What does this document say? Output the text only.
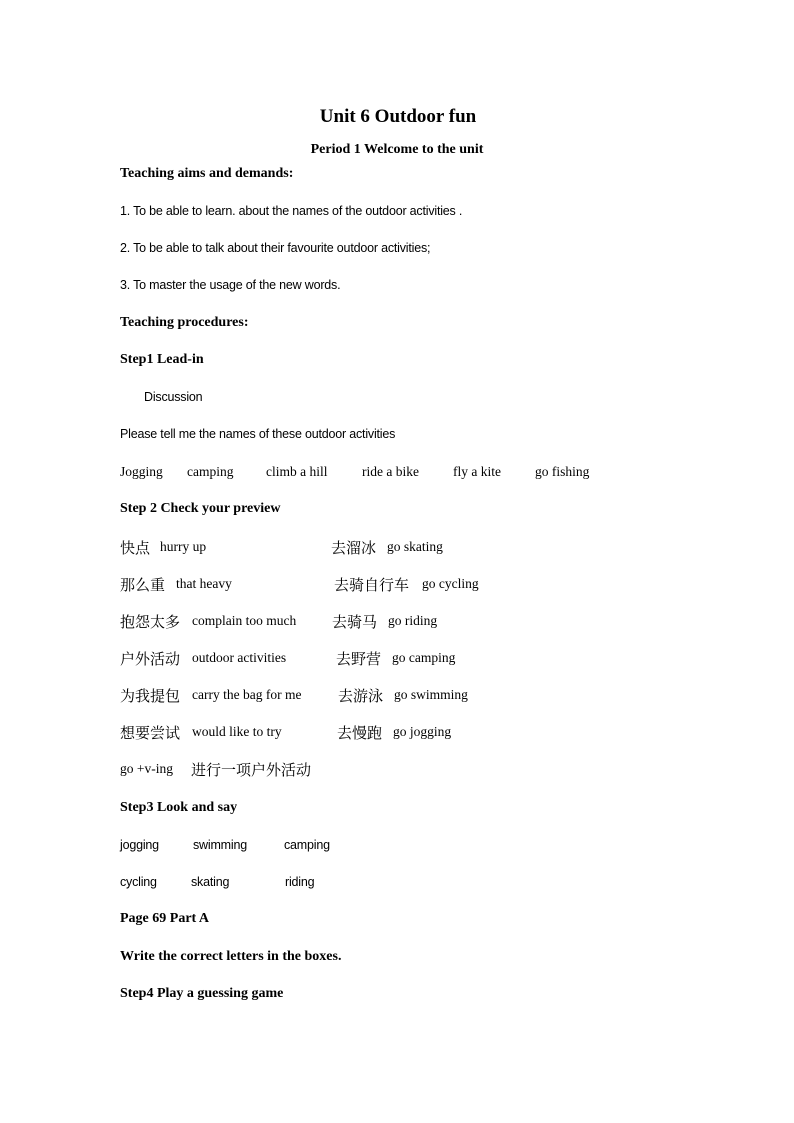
Unit 6 Outdoor fun
Period 1 Welcome to the unit
Teaching aims and demands:
1. To be able to learn. about the names of the outdoor activities .
2. To be able to talk about their favourite outdoor activities;
3. To master the usage of the new words.
Teaching procedures:
Step1 Lead-in
Discussion
Please tell me the names of these outdoor activities
Jogging camping climb a hill	ride a bike	fly a kite	go fishing
Step 2 Check your preview
快点 hurry up	去溜冰 go skating
那么重 that heavy	去骑自行车 go cycling
抱怨太多 complain too much 去骑马 go riding
户外活动 outdoor activities	去野营 go camping
为我提包 carry the bag for me 去游泳 go swimming
想要尝试 would like to try	去慢跑 go jogging
go +v-ing 进行一项户外活动
Step3 Look and say
jogging	swimming	camping
cycling	skating	riding
Page 69 Part A
Write the correct letters in the boxes.
Step4 Play a guessing game
